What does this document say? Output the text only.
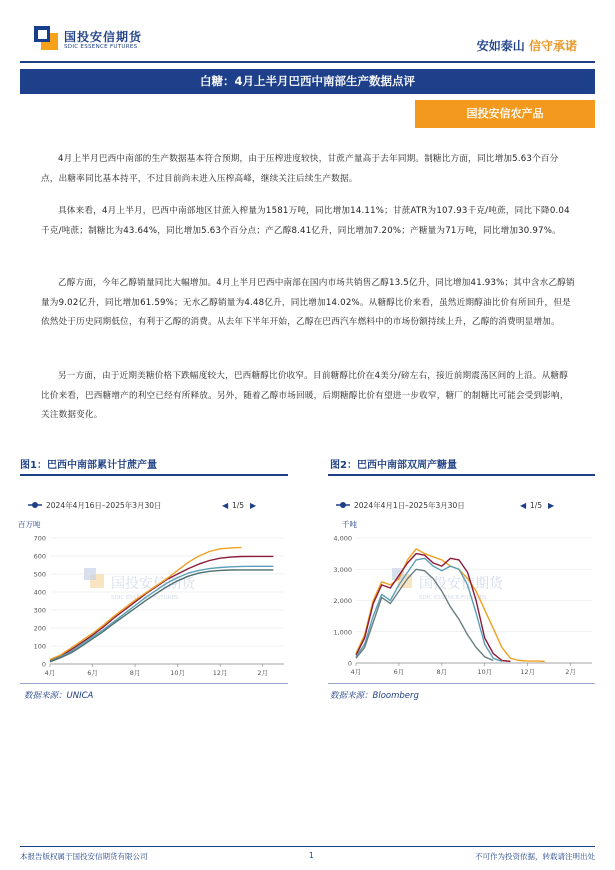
国投安信期货
SDIC ESSENCE FUTURES	安如泰山 信守承诺
白糖：4月上半月巴西中南部生产数据点评
国投安信农产品
4月上半月巴西中南部的生产数据基本符合预期，由于压榨进度较快，甘蔗产量高于去年同期。制糖比方面，同比增加5.63个百分点，出糖率同比基本持平，不过目前尚未进入压榨高峰，继续关注后续生产数据。
具体来看，4月上半月，巴西中南部地区甘蔗入榨量为1581万吨，同比增加14.11%；甘蔗ATR为107.93千克/吨蔗，同比下降0.04千克/吨蔗；制糖比为43.64%，同比增加5.63个百分点；产乙醇8.41亿升，同比增加7.20%；产糖量为71万吨，同比增加30.97%。
乙醇方面，今年乙醇销量同比大幅增加。4月上半月巴西中南部在国内市场共销售乙醇13.5亿升，同比增加41.93%；其中含水乙醇销量为9.02亿升，同比增加61.59%；无水乙醇销量为4.48亿升，同比增加14.02%。从糖醇比价来看，虽然近期醇油比价有所回升，但是依然处于历史同期低位，有利于乙醇的消费。从去年下半年开始，乙醇在巴西汽车燃料中的市场份额持续上升，乙醇的消费明显增加。
另一方面，由于近期美糖价格下跌幅度较大，巴西糖醇比价收窄。目前糖醇比价在4美分/磅左右，接近前期震荡区间的上沿。从糖醇比价来看，巴西糖增产的利空已经有所释放。另外，随着乙醇市场回暖，后期糖醇比价有望进一步收窄，糖厂的制糖比可能会受到影响，关注数据变化。
图1：巴西中南部累计甘蔗产量	图2：巴西中南部双周产糖量
2024年4月16日–2025年3月30日	◀ 1/5 ▶
百万吨
国投安信期货
SDIC ESSENCE FUTURES
0
100
200
300
400
500
600
700
4月	6月	8月	10月	12月	2月
2024年4月1日–2025年3月30日	◀ 1/5 ▶
千吨
国投安信期货
SDIC ESSENCE FUTURES
0
1,000
2,000
3,000
4,000
4月	6月	8月	10月	12月	2月
数据来源：UNICA	数据来源：Bloomberg
本报告版权属于国投安信期货有限公司	1	不可作为投资依据，转载请注明出处
